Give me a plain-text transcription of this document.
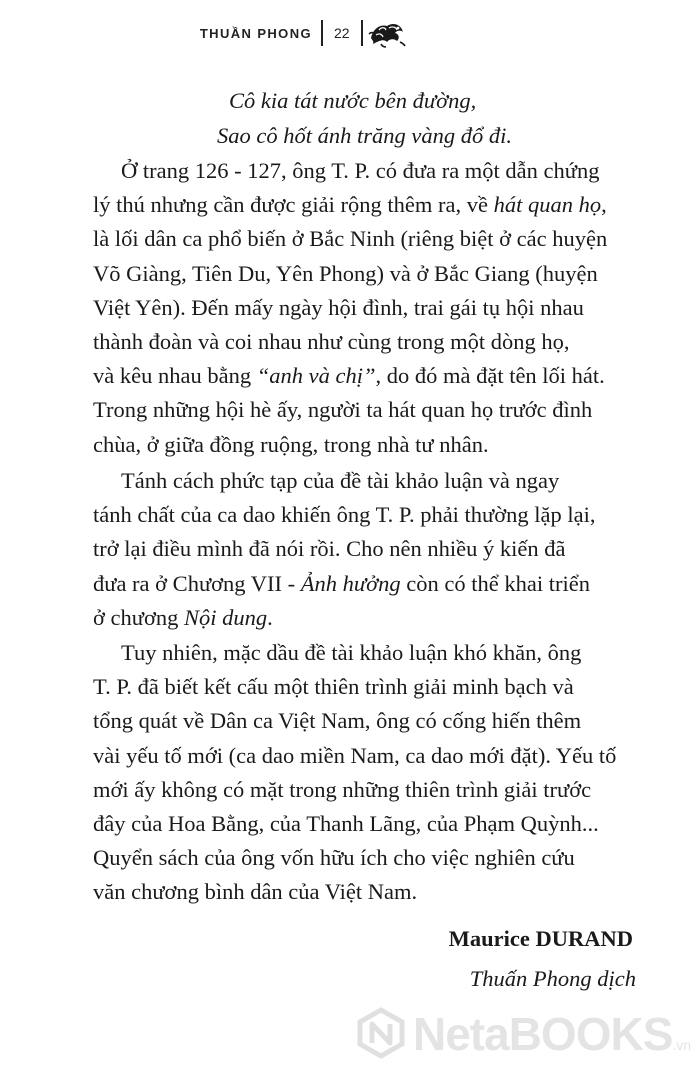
THUẦN PHONG 22
Cô kia tát nước bên đường,
Sao cô hốt ánh trăng vàng đổ đi.
Ở trang 126 - 127, ông T. P. có đưa ra một dẫn chứng
lý thú nhưng cần được giải rộng thêm ra, về hát quan họ,
là lối dân ca phổ biến ở Bắc Ninh (riêng biệt ở các huyện
Võ Giàng, Tiên Du, Yên Phong) và ở Bắc Giang (huyện
Việt Yên). Đến mấy ngày hội đình, trai gái tụ hội nhau
thành đoàn và coi nhau như cùng trong một dòng họ,
và kêu nhau bằng “anh và chị”, do đó mà đặt tên lối hát.
Trong những hội hè ấy, người ta hát quan họ trước đình
chùa, ở giữa đồng ruộng, trong nhà tư nhân.
Tánh cách phức tạp của đề tài khảo luận và ngay
tánh chất của ca dao khiến ông T. P. phải thường lặp lại,
trở lại điều mình đã nói rồi. Cho nên nhiều ý kiến đã
đưa ra ở Chương VII - Ảnh hưởng còn có thể khai triển
ở chương Nội dung.
Tuy nhiên, mặc dầu đề tài khảo luận khó khăn, ông
T. P. đã biết kết cấu một thiên trình giải minh bạch và
tổng quát về Dân ca Việt Nam, ông có cống hiến thêm
vài yếu tố mới (ca dao miền Nam, ca dao mới đặt). Yếu tố
mới ấy không có mặt trong những thiên trình giải trước
đây của Hoa Bằng, của Thanh Lãng, của Phạm Quỳnh...
Quyển sách của ông vốn hữu ích cho việc nghiên cứu
văn chương bình dân của Việt Nam.
Maurice DURAND
Thuấn Phong dịch
NetaBOOKS.vn
